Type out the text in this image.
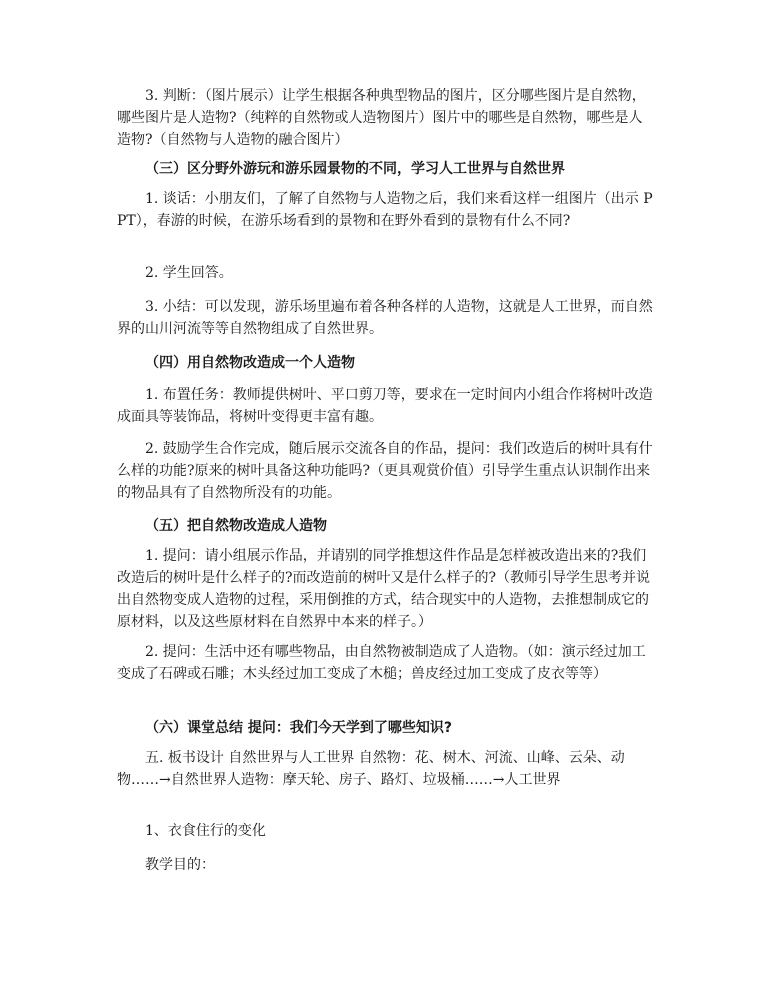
3. 判断：（图片展示）让学生根据各种典型物品的图片，区分哪些图片是自然物，哪些图片是人造物?（纯粹的自然物或人造物图片）图片中的哪些是自然物，哪些是人造物?（自然物与人造物的融合图片）
（三）区分野外游玩和游乐园景物的不同，学习人工世界与自然世界
1. 谈话：小朋友们，了解了自然物与人造物之后，我们来看这样一组图片（出示 PPT），春游的时候，在游乐场看到的景物和在野外看到的景物有什么不同?
2. 学生回答。
3. 小结：可以发现，游乐场里遍布着各种各样的人造物，这就是人工世界，而自然界的山川河流等等自然物组成了自然世界。
（四）用自然物改造成一个人造物
1. 布置任务：教师提供树叶、平口剪刀等，要求在一定时间内小组合作将树叶改造成面具等装饰品，将树叶变得更丰富有趣。
2. 鼓励学生合作完成，随后展示交流各自的作品，提问：我们改造后的树叶具有什么样的功能?原来的树叶具备这种功能吗?（更具观赏价值）引导学生重点认识制作出来的物品具有了自然物所没有的功能。
（五）把自然物改造成人造物
1. 提问：请小组展示作品，并请别的同学推想这件作品是怎样被改造出来的?我们改造后的树叶是什么样子的?而改造前的树叶又是什么样子的?（教师引导学生思考并说出自然物变成人造物的过程，采用倒推的方式，结合现实中的人造物，去推想制成它的原材料，以及这些原材料在自然界中本来的样子。）
2. 提问：生活中还有哪些物品，由自然物被制造成了人造物。（如：演示经过加工变成了石碑或石雕；木头经过加工变成了木槌；兽皮经过加工变成了皮衣等等）
（六）课堂总结 提问：我们今天学到了哪些知识?
五. 板书设计 自然世界与人工世界 自然物：花、树木、河流、山峰、云朵、动物……→自然世界人造物：摩天轮、房子、路灯、垃圾桶……→人工世界
1、衣食住行的变化
教学目的：
